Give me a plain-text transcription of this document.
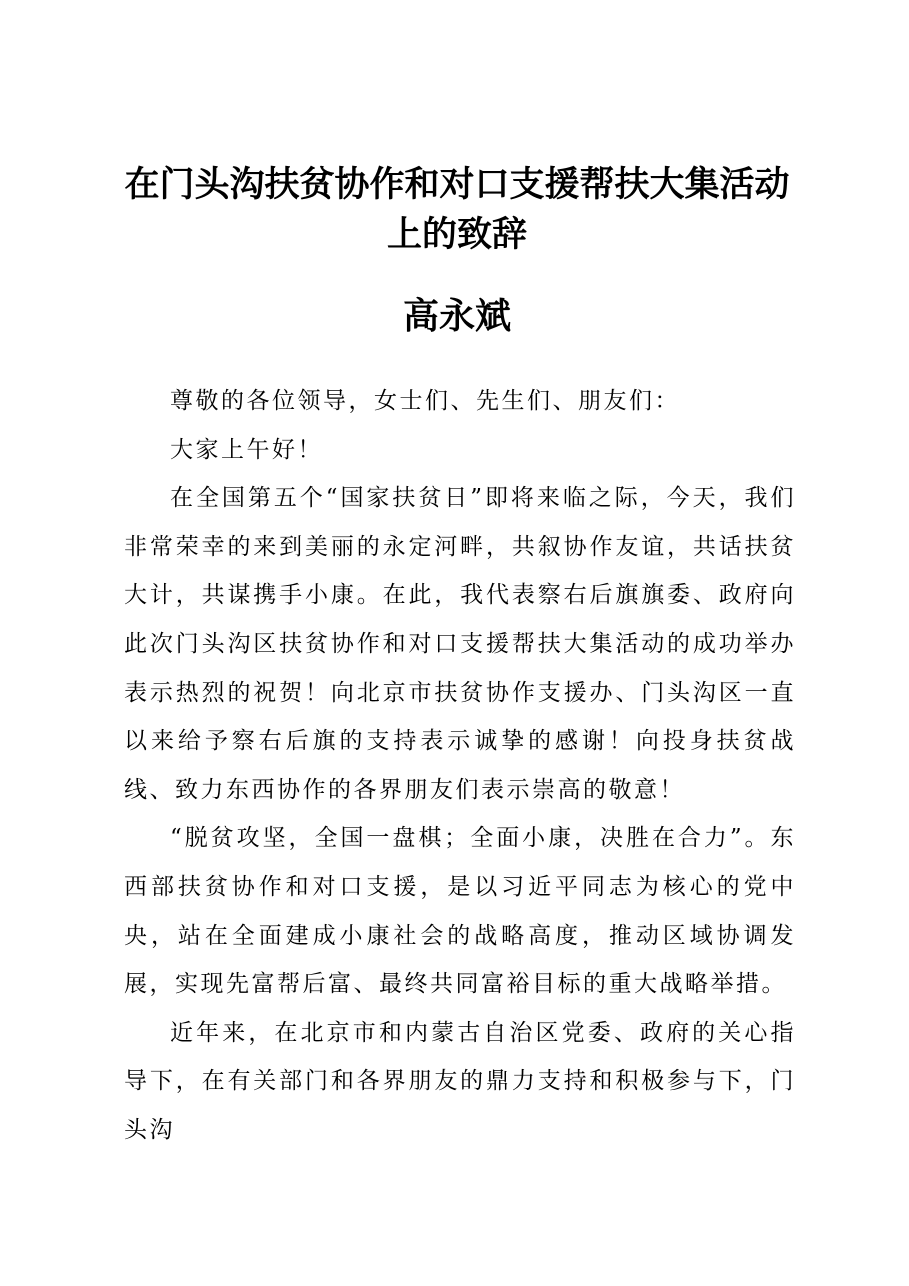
在门头沟扶贫协作和对口支援帮扶大集活动上的致辞
高永斌

尊敬的各位领导，女士们、先生们、朋友们：

大家上午好！

在全国第五个“国家扶贫日”即将来临之际，今天，我们非常荣幸的来到美丽的永定河畔，共叙协作友谊，共话扶贫大计，共谋携手小康。在此，我代表察右后旗旗委、政府向此次门头沟区扶贫协作和对口支援帮扶大集活动的成功举办表示热烈的祝贺！向北京市扶贫协作支援办、门头沟区一直以来给予察右后旗的支持表示诚挚的感谢！向投身扶贫战线、致力东西协作的各界朋友们表示崇高的敬意！

“脱贫攻坚，全国一盘棋；全面小康，决胜在合力”。东西部扶贫协作和对口支援，是以习近平同志为核心的党中央，站在全面建成小康社会的战略高度，推动区域协调发展，实现先富帮后富、最终共同富裕目标的重大战略举措。

近年来，在北京市和内蒙古自治区党委、政府的关心指导下，在有关部门和各界朋友的鼎力支持和积极参与下，门头沟
